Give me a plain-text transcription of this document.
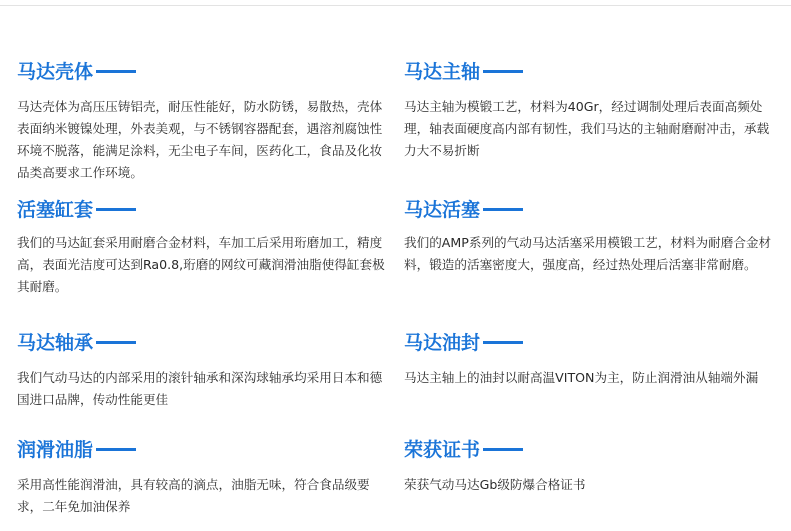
马达壳体

马达壳体为高压压铸铝壳，耐压性能好，防水防锈，易散热，壳体表面纳米镀镍处理，外表美观，与不锈钢容器配套，遇溶剂腐蚀性环境不脱落，能满足涂料，无尘电子车间，医药化工，食品及化妆品类高要求工作环境。

马达主轴

马达主轴为模锻工艺，材料为40Gr，经过调制处理后表面高频处理，轴表面硬度高内部有韧性，我们马达的主轴耐磨耐冲击，承载力大不易折断

活塞缸套

我们的马达缸套采用耐磨合金材料，车加工后采用珩磨加工，精度高，表面光洁度可达到Ra0.8,珩磨的网纹可藏润滑油脂使得缸套极其耐磨。

马达活塞

我们的AMP系列的气动马达活塞采用模锻工艺，材料为耐磨合金材料，锻造的活塞密度大，强度高，经过热处理后活塞非常耐磨。

马达轴承

我们气动马达的内部采用的滚针轴承和深沟球轴承均采用日本和德国进口品牌，传动性能更佳

马达油封

马达主轴上的油封以耐高温VITON为主，防止润滑油从轴端外漏

润滑油脂

采用高性能润滑油，具有较高的滴点，油脂无味，符合食品级要求，二年免加油保养

荣获证书

荣获气动马达Gb级防爆合格证书
